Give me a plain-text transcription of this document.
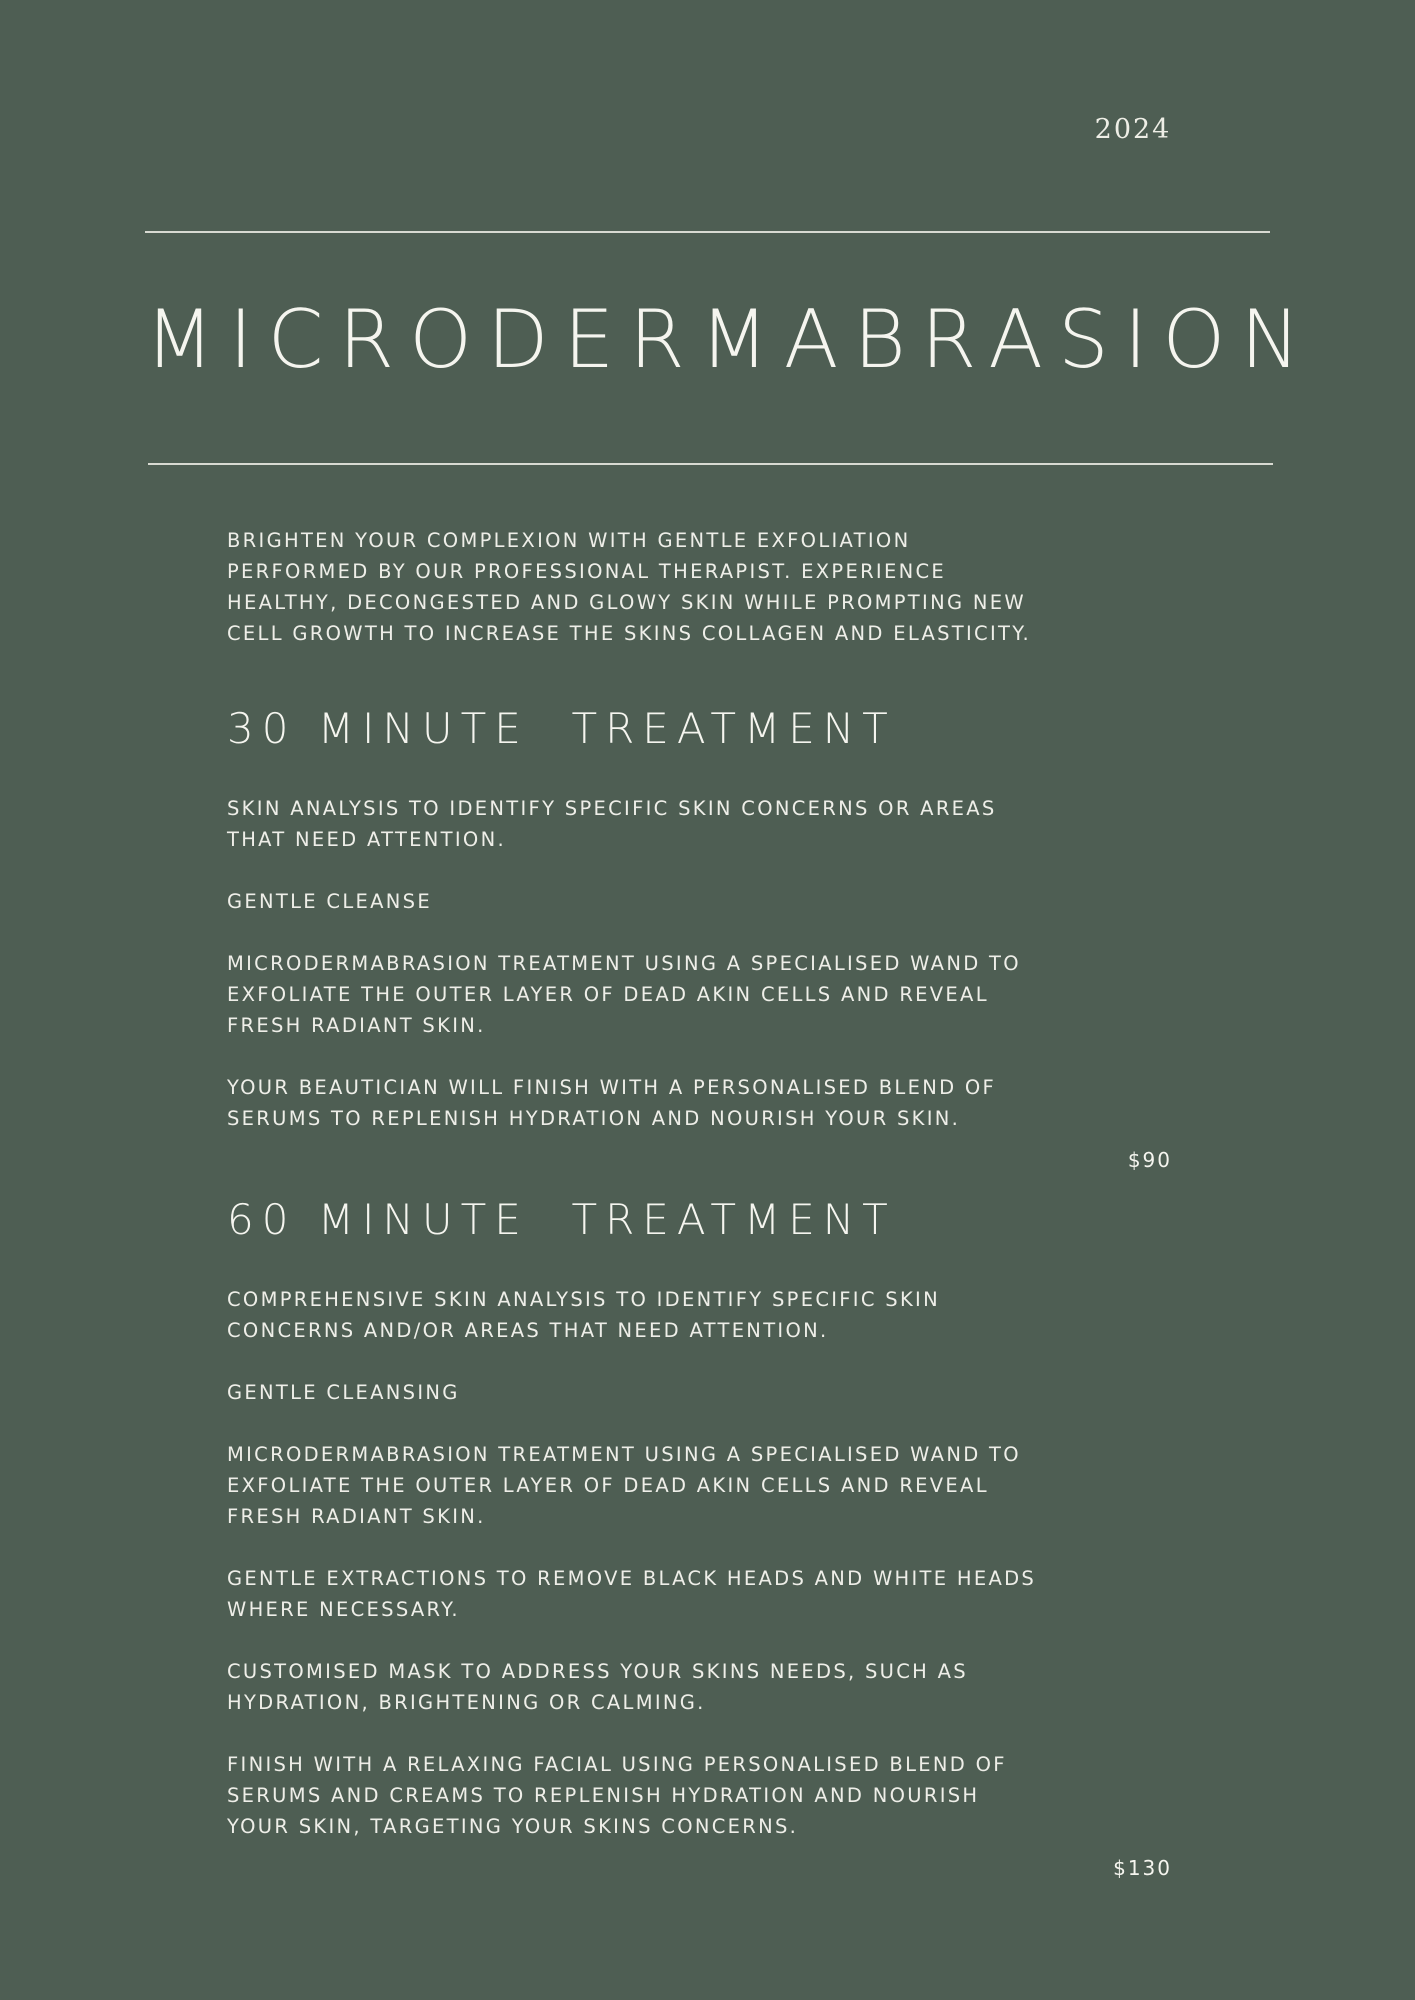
2024
MICRODERMABRASION

BRIGHTEN YOUR COMPLEXION WITH GENTLE EXFOLIATION
PERFORMED BY OUR PROFESSIONAL THERAPIST. EXPERIENCE
HEALTHY, DECONGESTED AND GLOWY SKIN WHILE PROMPTING NEW
CELL GROWTH TO INCREASE THE SKINS COLLAGEN AND ELASTICITY.

30 MINUTE  TREATMENT

SKIN ANALYSIS TO IDENTIFY SPECIFIC SKIN CONCERNS OR AREAS
THAT NEED ATTENTION.

GENTLE CLEANSE

MICRODERMABRASION TREATMENT USING A SPECIALISED WAND TO
EXFOLIATE THE OUTER LAYER OF DEAD AKIN CELLS AND REVEAL
FRESH RADIANT SKIN.

YOUR BEAUTICIAN WILL FINISH WITH A PERSONALISED BLEND OF
SERUMS TO REPLENISH HYDRATION AND NOURISH YOUR SKIN.

$90
60 MINUTE  TREATMENT

COMPREHENSIVE SKIN ANALYSIS TO IDENTIFY SPECIFIC SKIN
CONCERNS AND/OR AREAS THAT NEED ATTENTION.

GENTLE CLEANSING

MICRODERMABRASION TREATMENT USING A SPECIALISED WAND TO
EXFOLIATE THE OUTER LAYER OF DEAD AKIN CELLS AND REVEAL
FRESH RADIANT SKIN.

GENTLE EXTRACTIONS TO REMOVE BLACK HEADS AND WHITE HEADS
WHERE NECESSARY.

CUSTOMISED MASK TO ADDRESS YOUR SKINS NEEDS, SUCH AS
HYDRATION, BRIGHTENING OR CALMING.

FINISH WITH A RELAXING FACIAL USING PERSONALISED BLEND OF
SERUMS AND CREAMS TO REPLENISH HYDRATION AND NOURISH
YOUR SKIN, TARGETING YOUR SKINS CONCERNS.

$130
